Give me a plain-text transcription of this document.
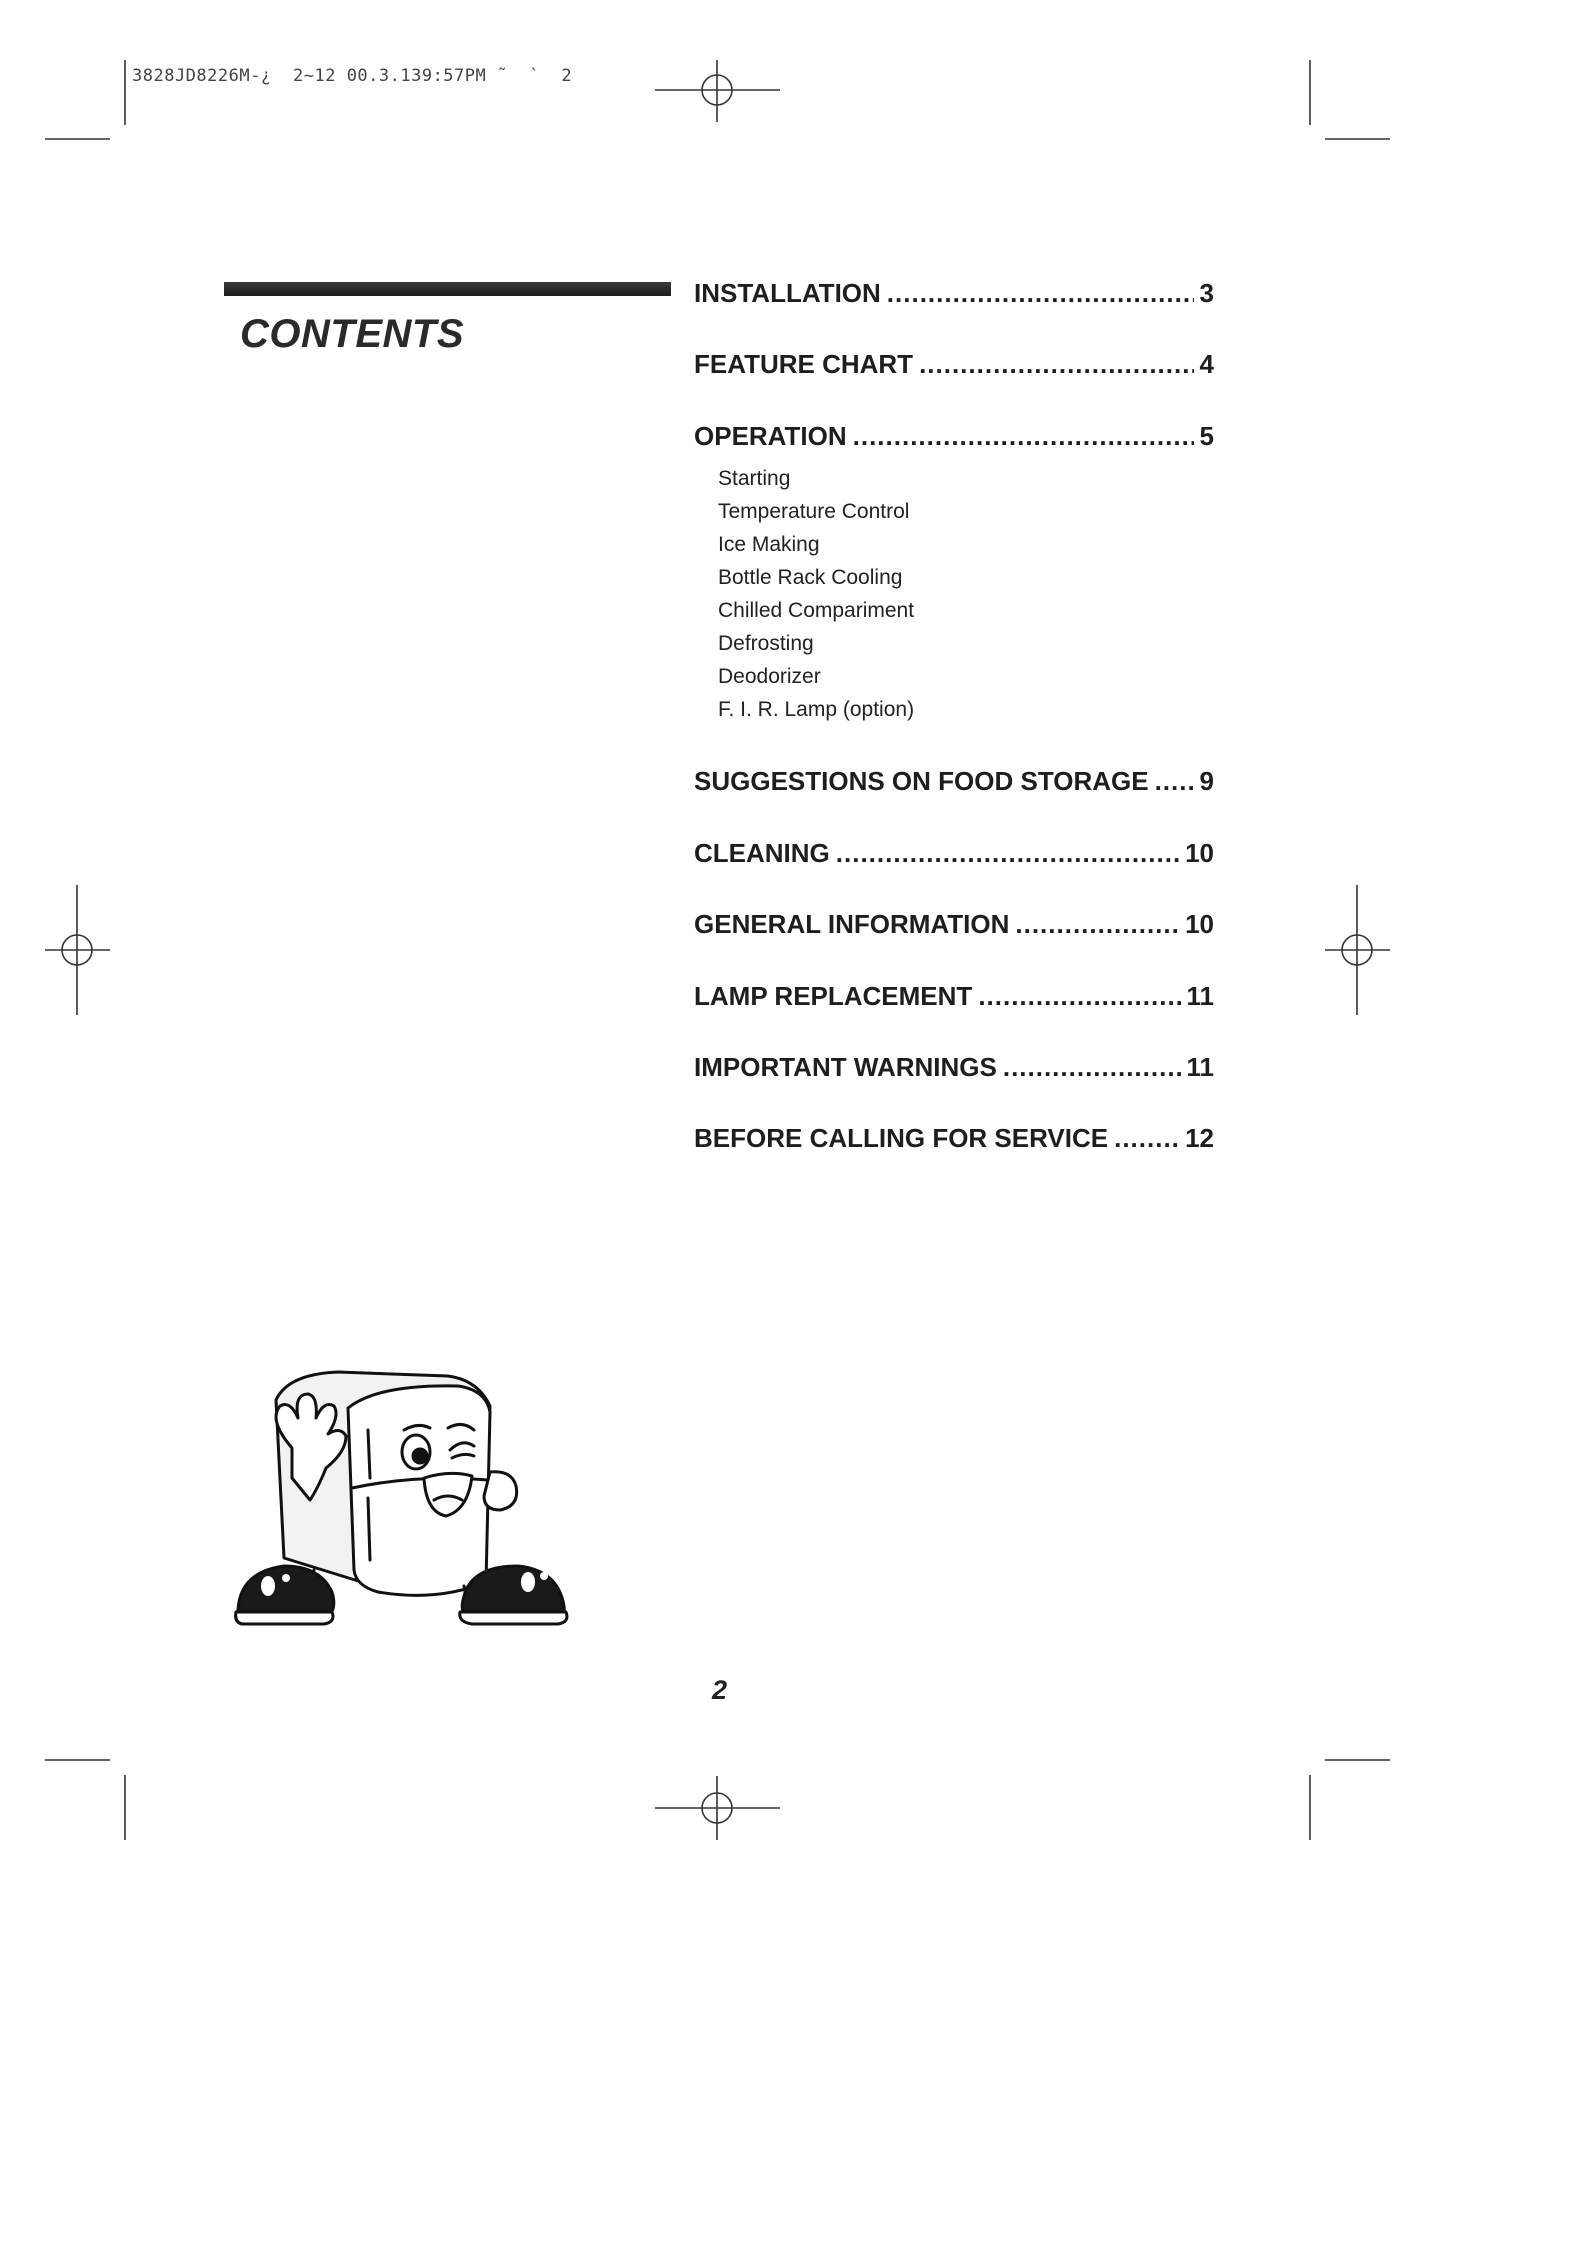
3828JD8226M-¿  2~12 00.3.139:57PM ˜  `  2
CONTENTS
INSTALLATION .....	3
FEATURE CHART .....	4
OPERATION .....	5
SUGGESTIONS ON FOOD STORAGE ..... 9
CLEANING .....	10
GENERAL INFORMATION .....	10
LAMP REPLACEMENT .....	11
IMPORTANT WARNINGS .....	11
BEFORE CALLING FOR SERVICE .....	12
Starting
Temperature Control
Ice Making
Bottle Rack Cooling
Chilled Compariment
Defrosting
Deodorizer
F. I. R. Lamp (option)
2
